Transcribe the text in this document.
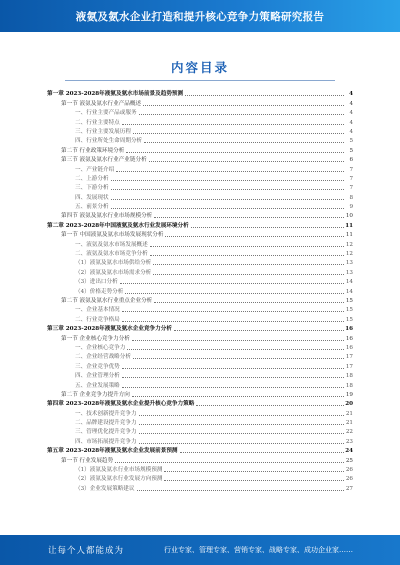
液氨及氨水企业打造和提升核心竞争力策略研究报告
内容目录
第一章 2023-2028年液氨及氨水市场前景及趋势预测	4
第一节 液氨及氨水行业产品概述	4
一、行业主要产品或服务	4
二、行业主要特点	4
三、行业主要发展历程	4
四、行业所处生命周期分析	5
第二节 行业政策环境分析	5
第三节 液氨及氨水行业产业链分析	6
一、产业链介绍	7
二、上游分析	7
三、下游分析	7
四、发展现状	8
五、前景分析	9
第四节 液氨及氨水行业市场规模分析	10
第二章 2023-2028年中国液氨及氨水行业发展环境分析	11
第一节 中国液氨及氨水市场发展现状分析	11
一、液氨及氨水市场发展概述	12
二、液氨及氨水市场竞争分析	12
（1）液氨及氨水市场供给分析	13
（2）液氨及氨水市场需求分析	13
（3）进出口分析	14
（4）价格走势分析	14
第二节 液氨及氨水行业重点企业分析	15
一、企业基本情况	15
二、行业竞争格局	15
第三章 2023-2028年液氨及氨水企业竞争力分析	16
第一节 企业核心竞争力分析	16
一、企业核心竞争力	16
二、企业经营战略分析	17
三、企业竞争优势	17
四、企业管理分析	18
五、企业发展策略	18
第二节 企业竞争力提升方向	19
第四章 2023-2028年液氨及氨水企业提升核心竞争力策略	20
一、技术创新提升竞争力	21
二、品牌建设提升竞争力	21
三、管理优化提升竞争力	22
四、市场拓展提升竞争力	23
第五章 2023-2028年液氨及氨水企业发展前景预测	24
第一节 行业发展趋势	25
（1）液氨及氨水行业市场规模预测	26
（2）液氨及氨水行业发展方向预测	26
（3）企业发展策略建议	27
让每个人都能成为	行业专家、管理专家、营销专家、战略专家、成功企业家……
